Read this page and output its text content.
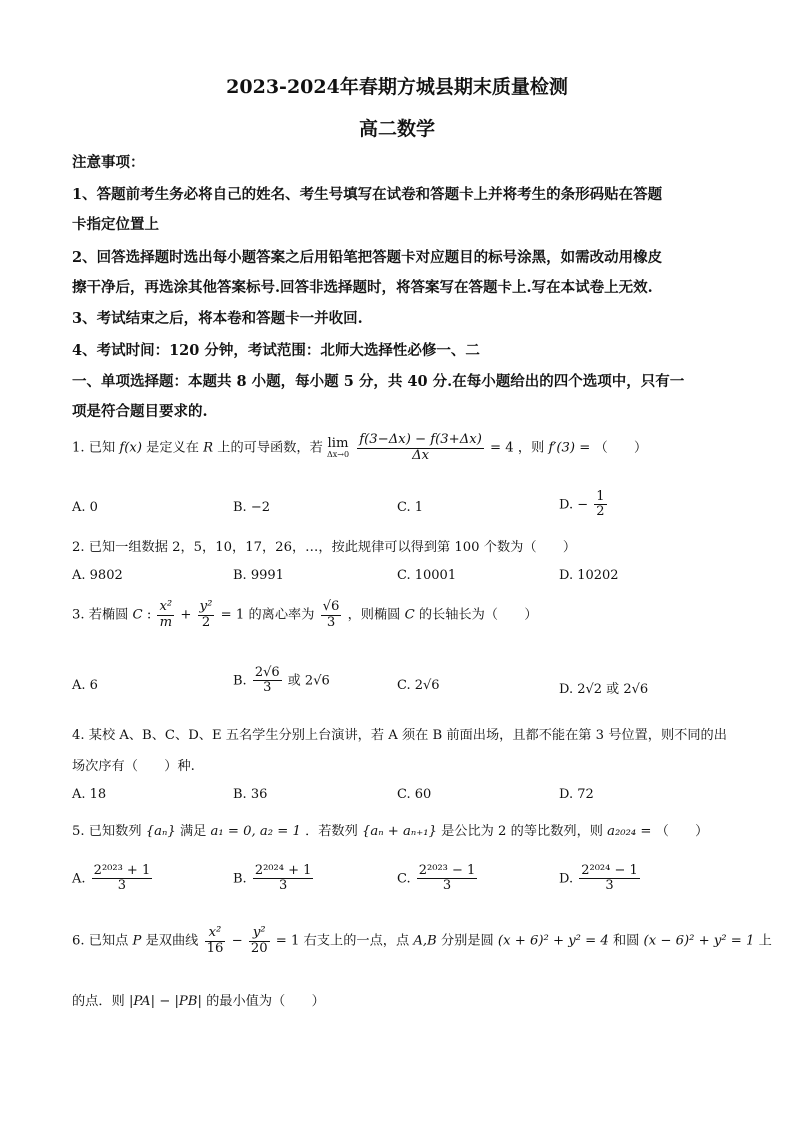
2023-2024年春期方城县期末质量检测
高二数学
注意事项：
1、答题前考生务必将自己的姓名、考生号填写在试卷和答题卡上并将考生的条形码贴在答题
卡指定位置上
2、回答选择题时选出每小题答案之后用铅笔把答题卡对应题目的标号涂黑，如需改动用橡皮
擦干净后，再选涂其他答案标号.回答非选择题时，将答案写在答题卡上.写在本试卷上无效.
3、考试结束之后，将本卷和答题卡一并收回.
4、考试时间：120 分钟，考试范围：北师大选择性必修一、二
一、单项选择题：本题共 8 小题，每小题 5 分，共 40 分.在每小题给出的四个选项中，只有一
项是符合题目要求的.
1. 已知 f(x) 是定义在 R 上的可导函数，若 lim
Δx→0
$\frac{f(3-\Delta x) - f(3+\Delta x)}{\Delta x} = 4$ ，则 f′(3) = （　　）
A. 0	B. −2	C. 1	D. − $\frac{1}{2}$
2. 已知一组数据 2，5，10，17，26，…，按此规律可以得到第 100 个数为（　　）
A. 9802	B. 9991	C. 10001	D. 10202
3. 若椭圆 C : $\frac{\text{x²}}{m} + \frac{\text{y²}}{2} = 1$ 的离心率为 $\frac{√6}{3}$ ，则椭圆 C 的长轴长为（　　）
A. 6	B. $\frac{2√6}{3}$ 或 2√6	C. 2√6	D. 2√2 或 2√6
4. 某校 A、B、C、D、E 五名学生分别上台演讲，若 A 须在 B 前面出场，且都不能在第 3 号位置，则不同的出
场次序有（　　）种.
A. 18	B. 36	C. 60	D. 72
5. 已知数列 {aₙ} 满足 a₁ = 0, a₂ = 1 ．若数列 {aₙ + aₙ₊₁} 是公比为 2 的等比数列，则 a₂₀₂₄ = （　　）
A. $\frac{\text{2²⁰²³ + 1}}{3}$	B. $\frac{\text{2²⁰²⁴ + 1}}{3}$	C. $\frac{\text{2²⁰²³ − 1}}{3}$	D. $\frac{\text{2²⁰²⁴ − 1}}{3}$
6. 已知点 P 是双曲线 $\frac{\text{x²}}{16} - \frac{\text{y²}}{20} = 1$ 右支上的一点，点 A,B 分别是圆 (x + 6)² + y² = 4 和圆 (x − 6)² + y² = 1 上
的点．则 |PA| − |PB| 的最小值为（　　）
